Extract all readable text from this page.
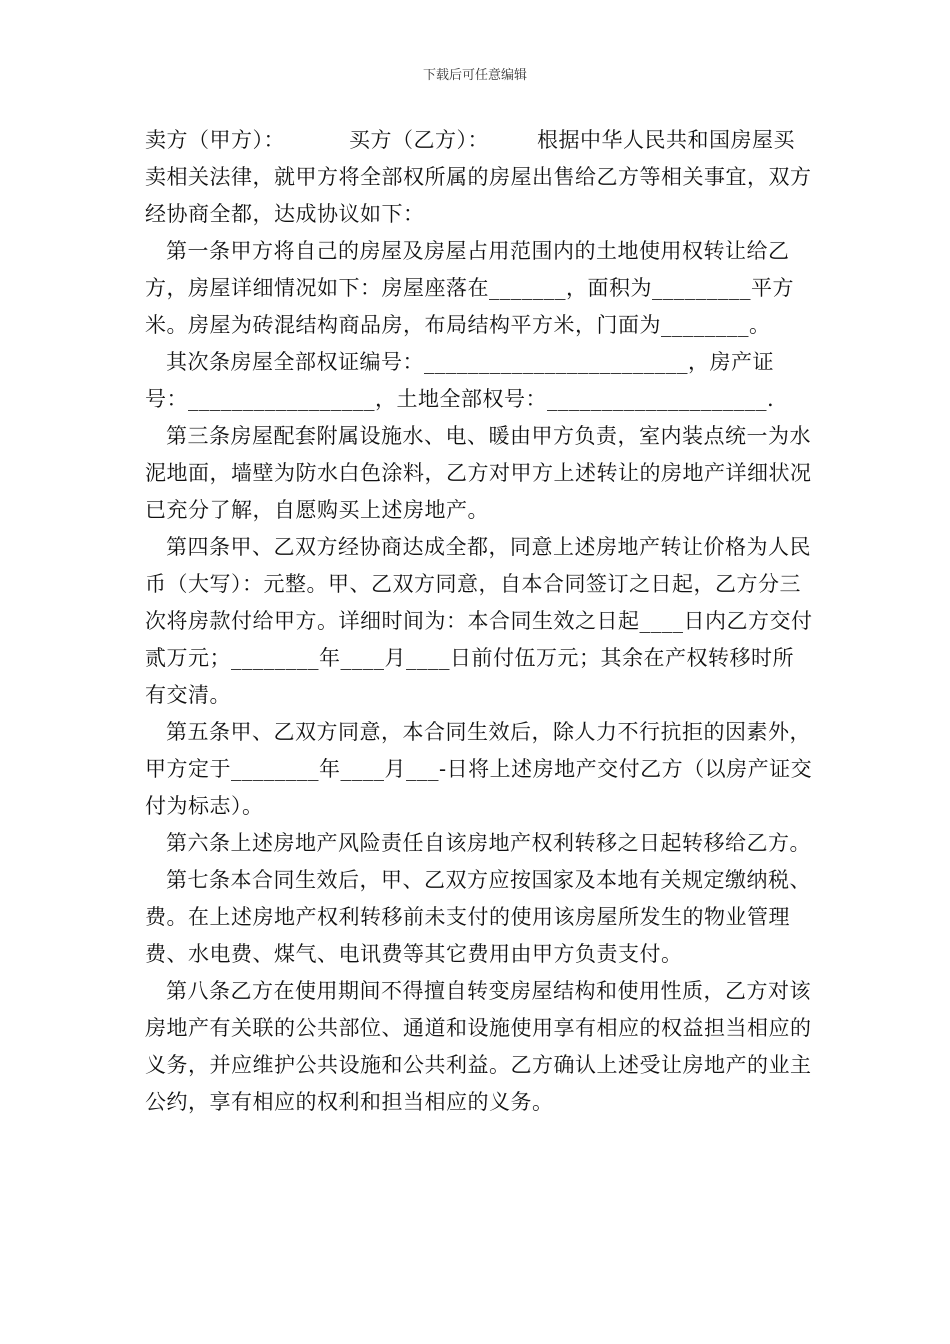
下载后可任意编辑

卖方（甲方）：	买方（乙方）： 根据中华人民共和国房屋买卖相关法律，就甲方将全部权所属的房屋出售给乙方等相关事宜，双方经协商全都，达成协议如下：

第一条甲方将自己的房屋及房屋占用范围内的土地使用权转让给乙方，房屋详细情况如下：房屋座落在_______，面积为_________平方米。房屋为砖混结构商品房，布局结构平方米，门面为________。

其次条房屋全部权证编号：________________________，房产证号：_________________，土地全部权号：____________________.

第三条房屋配套附属设施水、电、暖由甲方负责，室内装点统一为水泥地面，墙壁为防水白色涂料，乙方对甲方上述转让的房地产详细状况已充分了解，自愿购买上述房地产。

第四条甲、乙双方经协商达成全都，同意上述房地产转让价格为人民币（大写）：元整。甲、乙双方同意，自本合同签订之日起，乙方分三次将房款付给甲方。详细时间为：本合同生效之日起____日内乙方交付贰万元；________年____月____日前付伍万元；其余在产权转移时所有交清。

第五条甲、乙双方同意，本合同生效后，除人力不行抗拒的因素外，甲方定于________年____月___-日将上述房地产交付乙方（以房产证交付为标志）。

第六条上述房地产风险责任自该房地产权利转移之日起转移给乙方。

第七条本合同生效后，甲、乙双方应按国家及本地有关规定缴纳税、费。在上述房地产权利转移前未支付的使用该房屋所发生的物业管理费、水电费、煤气、电讯费等其它费用由甲方负责支付。

第八条乙方在使用期间不得擅自转变房屋结构和使用性质，乙方对该房地产有关联的公共部位、通道和设施使用享有相应的权益担当相应的义务，并应维护公共设施和公共利益。乙方确认上述受让房地产的业主公约，享有相应的权利和担当相应的义务。
